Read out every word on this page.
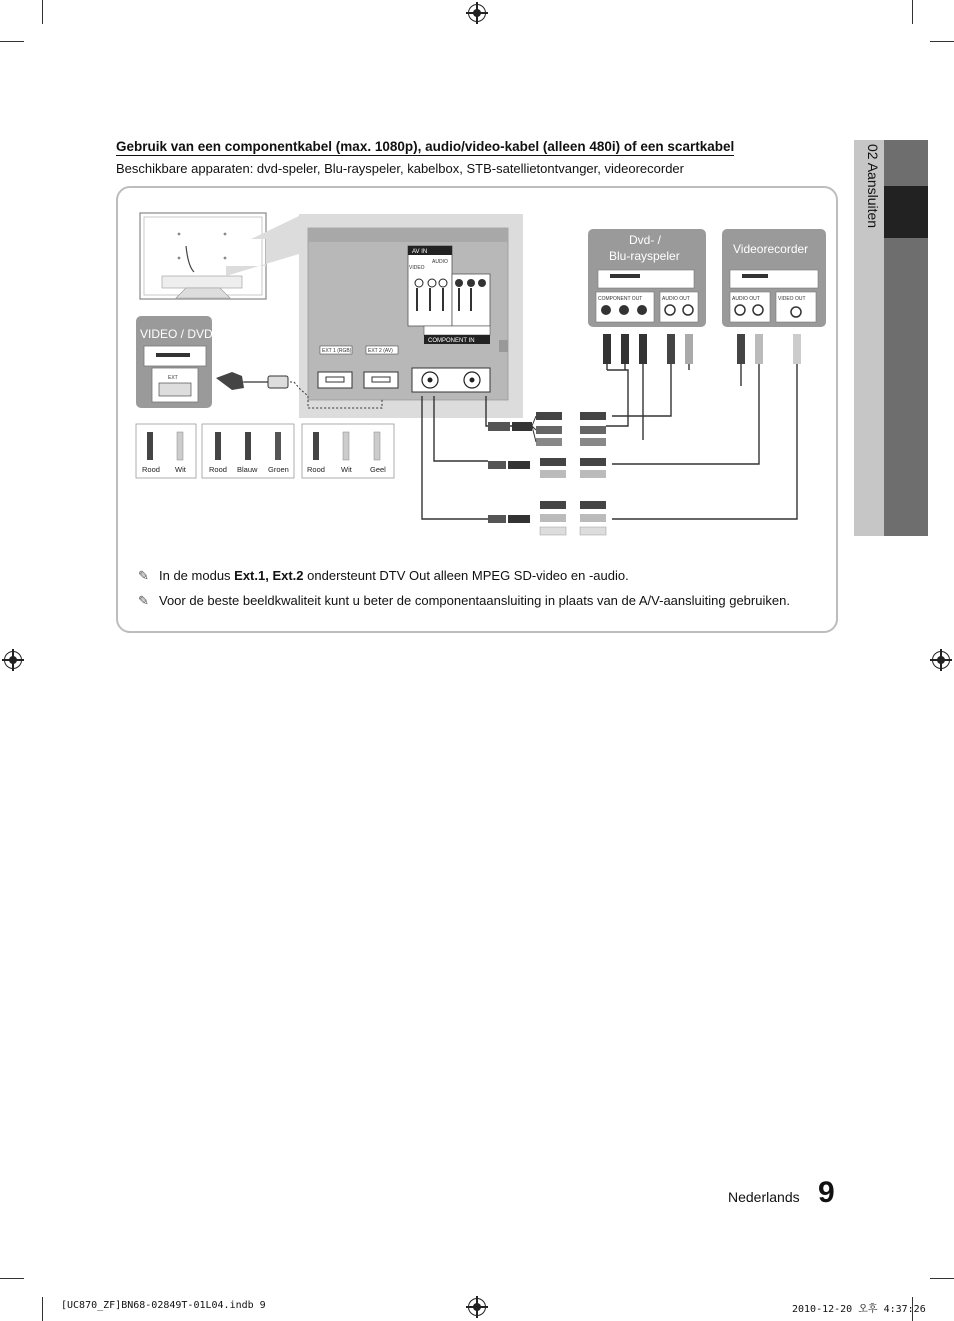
02 Aansluiten
Gebruik van een componentkabel (max. 1080p), audio/video-kabel (alleen 480i) of een scartkabel
Beschikbare apparaten: dvd-speler, Blu-rayspeler, kabelbox, STB-satellietontvanger, videorecorder
AV IN
AUDIO
VIDEO
COMPONENT IN
EXT 1 (RGB)	EXT 2 (AV)
VIDEO / DVD
EXT
Dvd- /
Blu-rayspeler
COMPONENT OUT	AUDIO OUT
Videorecorder
AUDIO OUT	VIDEO OUT
Rood Wit	Rood Blauw Groen Rood Wit Geel
✎ In de modus Ext.1, Ext.2 ondersteunt DTV Out alleen MPEG SD-video en -audio.
✎ Voor de beste beeldkwaliteit kunt u beter de componentaansluiting in plaats van de A/V-aansluiting gebruiken.
Nederlands 9
[UC870_ZF]BN68-02849T-01L04.indb 9	2010-12-20 오후 4:37:26
